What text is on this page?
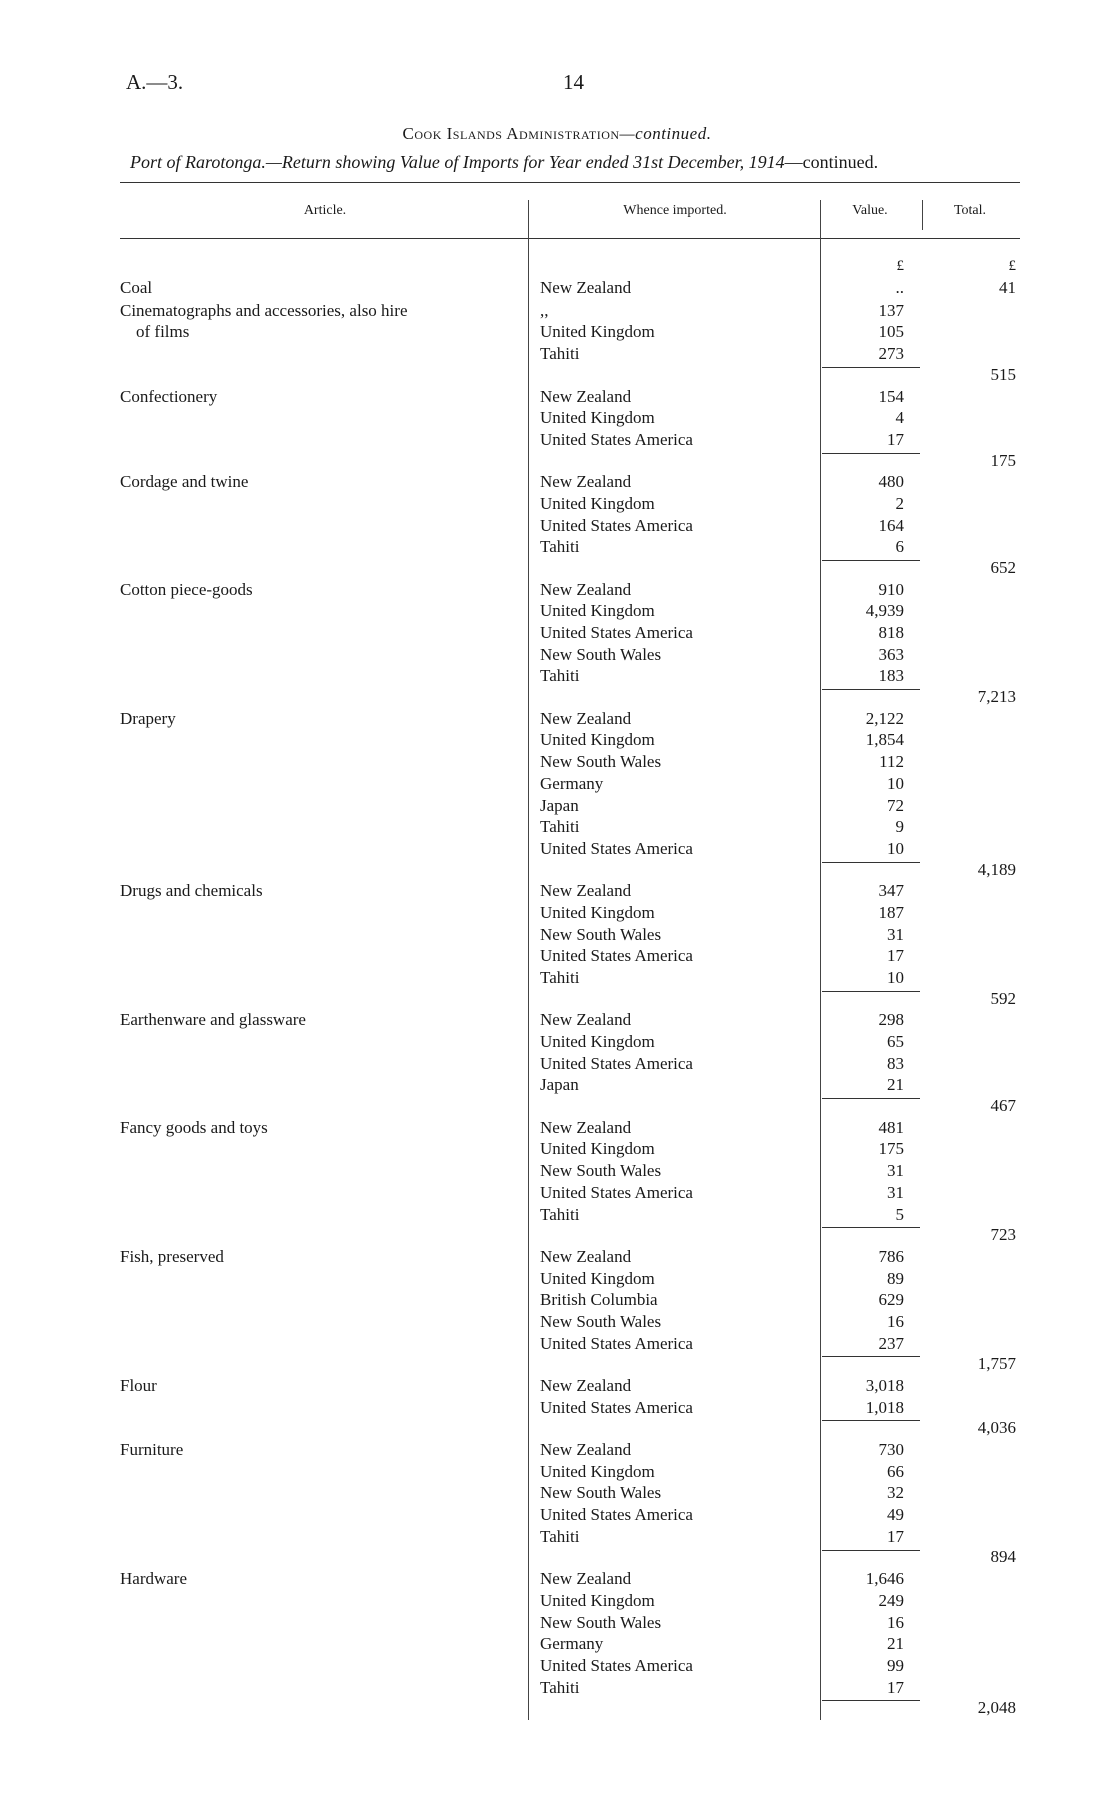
A.—3.	14
Cook Islands Administration—continued.
Port of Rarotonga.—Return showing Value of Imports for Year ended 31st December, 1914—continued.
Article.	Whence imported.	Value.	Total.
£	£
Coal	New Zealand	..	41
Cinematographs and accessories, also hire
of films
,,	137
United Kingdom	105
Tahiti	273
515
Confectionery	New Zealand	154
United Kingdom	4
United States America	17
175
Cordage and twine	New Zealand	480
United Kingdom	2
United States America	164
Tahiti	6
652
Cotton piece-goods	New Zealand	910
United Kingdom	4,939
United States America	818
New South Wales	363
Tahiti	183
7,213
Drapery	New Zealand	2,122
United Kingdom	1,854
New South Wales	112
Germany	10
Japan	72
Tahiti	9
United States America	10
4,189
Drugs and chemicals	New Zealand	347
United Kingdom	187
New South Wales	31
United States America	17
Tahiti	10
592
Earthenware and glassware	New Zealand	298
United Kingdom	65
United States America	83
Japan	21
467
Fancy goods and toys	New Zealand	481
United Kingdom	175
New South Wales	31
United States America	31
Tahiti	5
723
Fish, preserved	New Zealand	786
United Kingdom	89
British Columbia	629
New South Wales	16
United States America	237
1,757
Flour	New Zealand	3,018
United States America	1,018
4,036
Furniture	New Zealand	730
United Kingdom	66
New South Wales	32
United States America	49
Tahiti	17
894
Hardware	New Zealand	1,646
United Kingdom	249
New South Wales	16
Germany	21
United States America	99
Tahiti	17
2,048
